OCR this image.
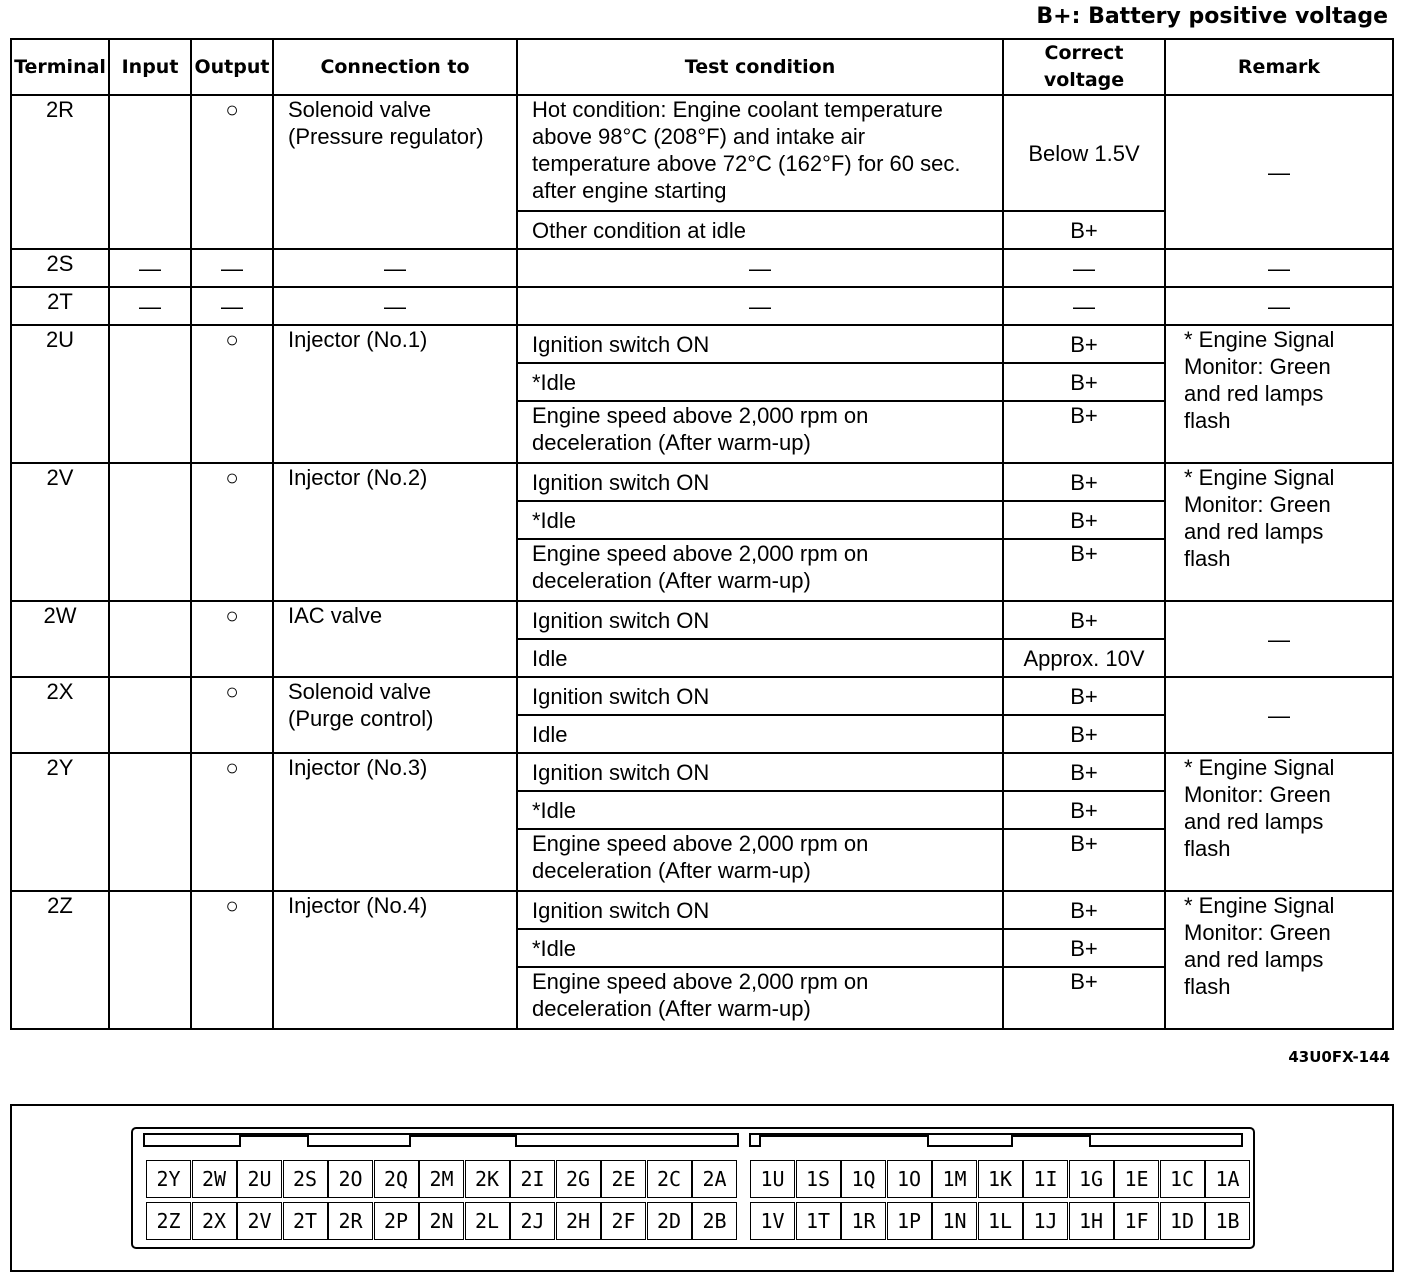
B+: Battery positive voltage
Terminal	Input	Output	Connection to	Test condition	Correct voltage	Remark
2R		○	Solenoid valve (Pressure regulator)	Hot condition: Engine coolant temperature above 98°C (208°F) and intake air temperature above 72°C (162°F) for 60 sec. after engine starting	Below 1.5V	—
				Other condition at idle	B+	
2S	—	—	—	—	—	—
2T	—	—	—	—	—	—
2U		○	Injector (No.1)	Ignition switch ON	B+	* Engine Signal Monitor: Green and red lamps flash
				*Idle	B+	
				Engine speed above 2,000 rpm on deceleration (After warm-up)	B+	
2V		○	Injector (No.2)	Ignition switch ON	B+	* Engine Signal Monitor: Green and red lamps flash
				*Idle	B+	
				Engine speed above 2,000 rpm on deceleration (After warm-up)	B+	
2W		○	IAC valve	Ignition switch ON	B+	—
				Idle	Approx. 10V	
2X		○	Solenoid valve (Purge control)	Ignition switch ON	B+	—
				Idle	B+	
2Y		○	Injector (No.3)	Ignition switch ON	B+	* Engine Signal Monitor: Green and red lamps flash
				*Idle	B+	
				Engine speed above 2,000 rpm on deceleration (After warm-up)	B+	
2Z		○	Injector (No.4)	Ignition switch ON	B+	* Engine Signal Monitor: Green and red lamps flash
				*Idle	B+	
				Engine speed above 2,000 rpm on deceleration (After warm-up)	B+	
43U0FX-144
2Y	2W	2U	2S	2O	2Q	2M	2K	2I	2G	2E	2C	2A
2Z	2X	2V	2T	2R	2P	2N	2L	2J	2H	2F	2D	2B
1U	1S	1Q	1O	1M	1K	1I	1G	1E	1C	1A
1V	1T	1R	1P	1N	1L	1J	1H	1F	1D	1B
